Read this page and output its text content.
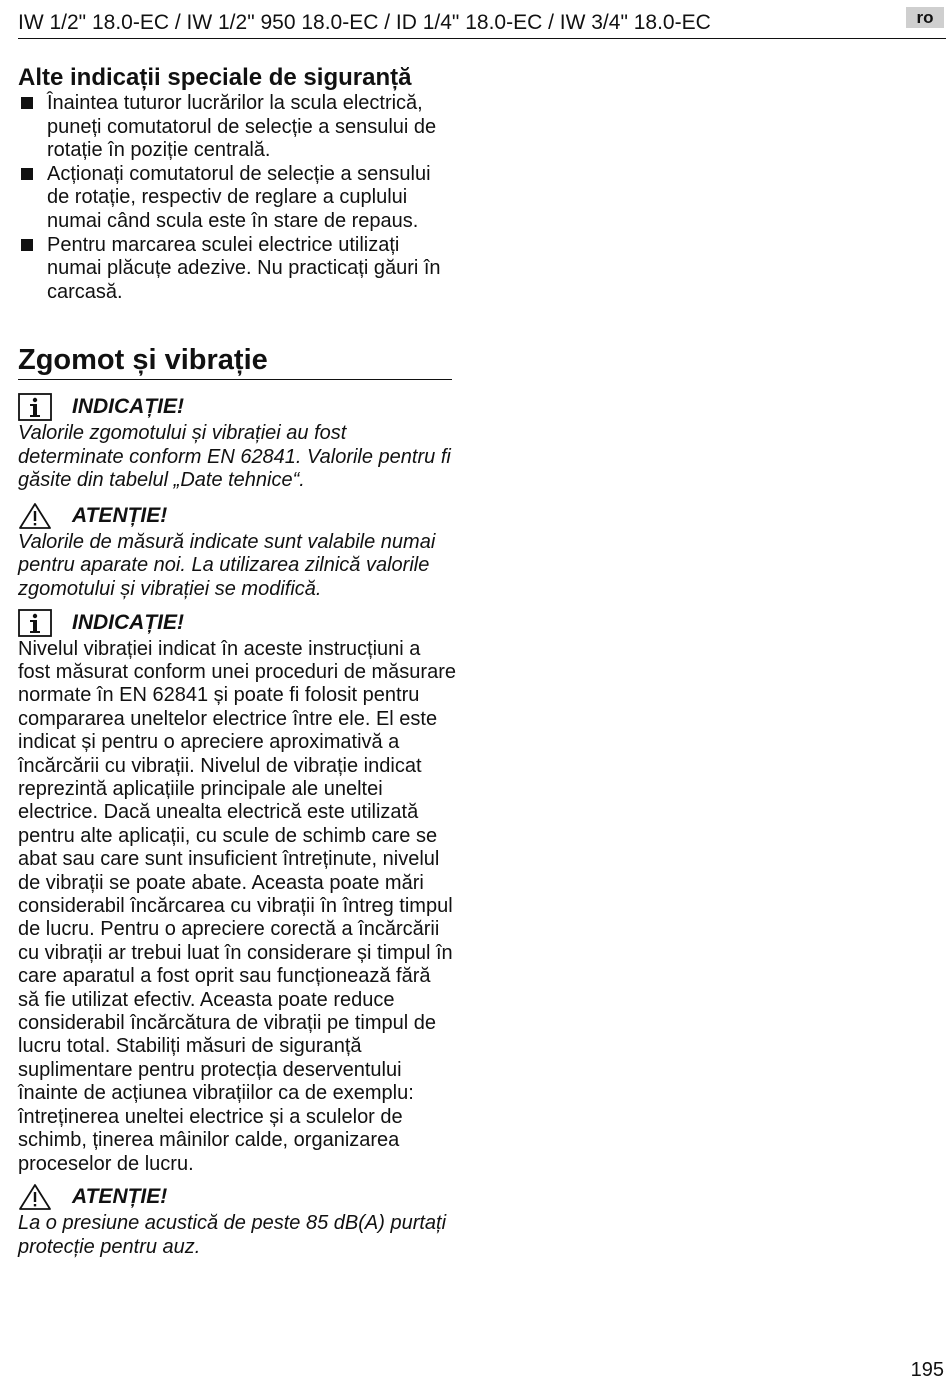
IW 1/2" 18.0-EC / IW 1/2" 950 18.0-EC / ID 1/4" 18.0-EC / IW 3/4" 18.0-EC	ro
Alte indicații speciale de siguranță
Înaintea tuturor lucrărilor la scula electrică, puneți comutatorul de selecție a sensului de rotație în poziție centrală.
Acționați comutatorul de selecție a sensului de rotație, respectiv de reglare a cuplului numai când scula este în stare de repaus.
Pentru marcarea sculei electrice utilizați numai plăcuțe adezive. Nu practicați găuri în carcasă.
Zgomot și vibrație
INDICAȚIE!

Valorile zgomotului și vibrației au fost determinate conform EN 62841. Valorile pentru fi găsite din tabelul „Date tehnice“.

ATENȚIE!

Valorile de măsură indicate sunt valabile numai pentru aparate noi. La utilizarea zilnică valorile zgomotului și vibrației se modifică.

INDICAȚIE!

Nivelul vibrației indicat în aceste instrucțiuni a fost măsurat conform unei proceduri de măsurare normate în EN 62841 și poate fi folosit pentru compararea uneltelor electrice între ele. El este indicat și pentru o apreciere aproximativă a încărcării cu vibrații. Nivelul de vibrație indicat reprezintă aplicațiile principale ale uneltei electrice. Dacă unealta electrică este utilizată pentru alte aplicații, cu scule de schimb care se abat sau care sunt insuficient întreținute, nivelul de vibrații se poate abate. Aceasta poate mări considerabil încărcarea cu vibrații în întreg timpul de lucru. Pentru o apreciere corectă a încărcării cu vibrații ar trebui luat în considerare și timpul în care aparatul a fost oprit sau funcționează fără să fie utilizat efectiv. Aceasta poate reduce considerabil încărcătura de vibrații pe timpul de lucru total. Stabiliți măsuri de siguranță suplimentare pentru protecția deserventului înainte de acțiunea vibrațiilor ca de exemplu: întreținerea uneltei electrice și a sculelor de schimb, ținerea mâinilor calde, organizarea proceselor de lucru.

ATENȚIE!

La o presiune acustică de peste 85 dB(A) purtați protecție pentru auz.

195
